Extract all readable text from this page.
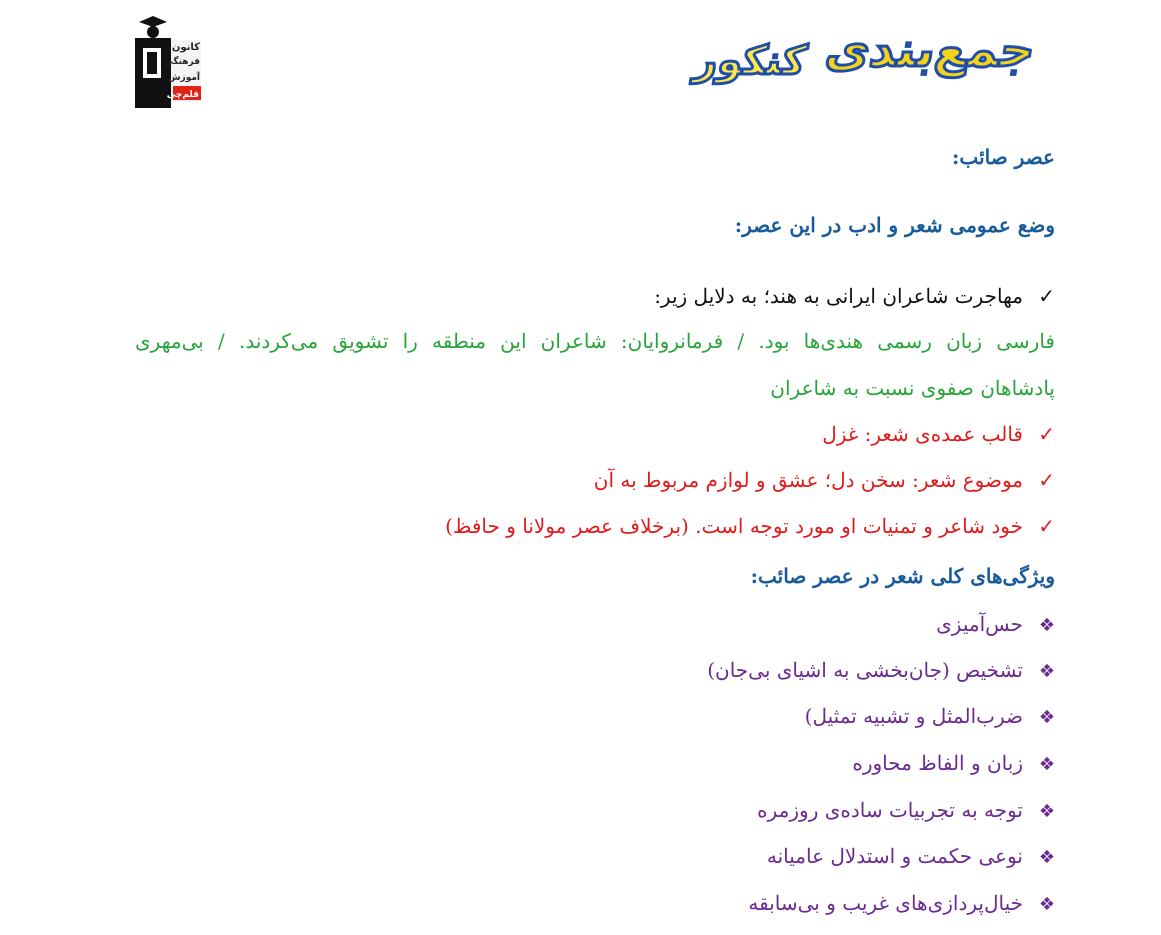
کانون
فرهنگی
آموزش
قلم‌چی
جمع‌بندی
کنکور
عصر صائب:
وضع عمومی شعر و ادب در این عصر:
✓مهاجرت شاعران ایرانی به هند؛ به دلایل زیر:
فارسی زبان رسمی هندی‌ها بود. / فرمانروایان: شاعران این منطقه را تشویق می‌کردند. / بی‌مهری
پادشاهان صفوی نسبت به شاعران
✓قالب عمده‌ی شعر: غزل
✓موضوع شعر: سخن دل؛ عشق و لوازم مربوط به آن
✓خود شاعر و تمنیات او مورد توجه است. (برخلاف عصر مولانا و حافظ)
ویژگی‌های کلی شعر در عصر صائب:
❖حس‌آمیزی
❖تشخیص (جان‌بخشی به اشیای بی‌جان)
❖ضرب‌المثل و تشبیه تمثیل)
❖زبان و الفاظ محاوره
❖توجه به تجربیات ساده‌ی روزمره
❖نوعی حکمت و استدلال عامیانه
❖خیال‌پردازی‌های غریب و بی‌سابقه
